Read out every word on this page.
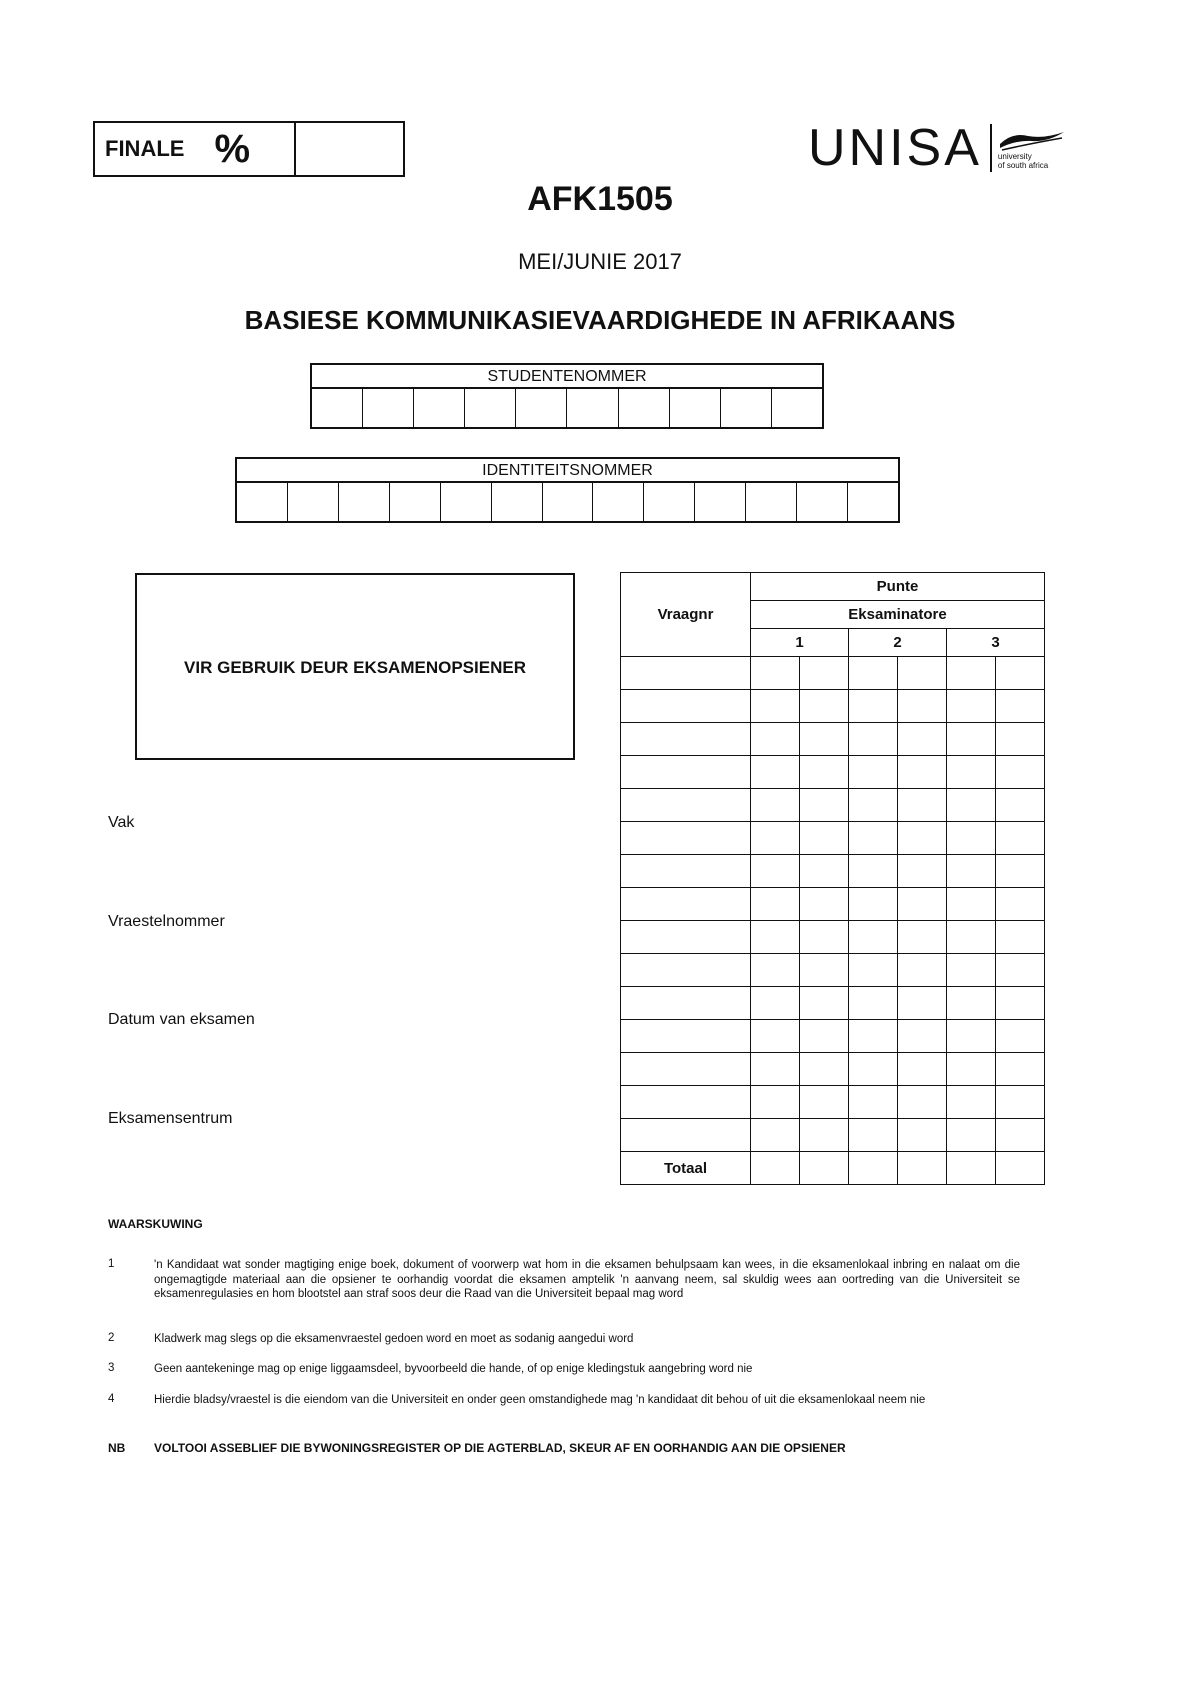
FINALE %	UNISA university
of south africa
AFK1505
MEI/JUNIE 2017
BASIESE KOMMUNIKASIEVAARDIGHEDE IN AFRIKAANS
STUDENTENOMMER
IDENTITEITSNOMMER
VIR GEBRUIK DEUR EKSAMENOPSIENER
Vak
Vraestelnommer
Datum van eksamen
Eksamensentrum
Vraagnr	Punte					
	Eksaminatore					
	1		2		3	

Totaal						
WAARSKUWING
1	'n Kandidaat wat sonder magtiging enige boek, dokument of voorwerp wat hom in die eksamen behulpsaam kan wees, in die eksamenlokaal inbring en nalaat om die ongemagtigde materiaal aan die opsiener te oorhandig voordat die eksamen amptelik 'n aanvang neem, sal skuldig wees aan oortreding van die Universiteit se eksamenregulasies en hom blootstel aan straf soos deur die Raad van die Universiteit bepaal mag word
2	Kladwerk mag slegs op die eksamenvraestel gedoen word en moet as sodanig aangedui word
3	Geen aantekeninge mag op enige liggaamsdeel, byvoorbeeld die hande, of op enige kledingstuk aangebring word nie
4	Hierdie bladsy/vraestel is die eiendom van die Universiteit en onder geen omstandighede mag 'n kandidaat dit behou of uit die eksamenlokaal neem nie
NB VOLTOOI ASSEBLIEF DIE BYWONINGSREGISTER OP DIE AGTERBLAD, SKEUR AF EN OORHANDIG AAN DIE OPSIENER
